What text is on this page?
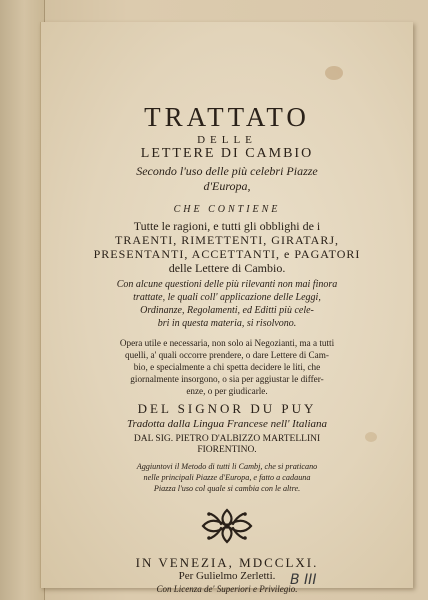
TRATTATO
DELLE
LETTERE DI CAMBIO
Secondo l'uso delle più celebri Piazze
d'Europa,
CHE CONTIENE
Tutte le ragioni, e tutti gli obblighi de i
TRAENTI, RIMETTENTI, GIRATARJ,
PRESENTANTI, ACCETTANTI, e PAGATORI
delle Lettere di Cambio.
Con alcune questioni delle più rilevanti non mai finora
trattate, le quali coll' applicazione delle Leggi,
Ordinanze, Regolamenti, ed Editti più cele-
bri in questa materia, si risolvono.
Opera utile e necessaria, non solo ai Negozianti, ma a tutti
quelli, a' quali occorre prendere, o dare Lettere di Cam-
bio, e specialmente a chi spetta decidere le liti, che
giornalmente insorgono, o sia per aggiustar le differ-
enze, o per giudicarle.
DEL SIGNOR DU PUY
Tradotta dalla Lingua Francese nell' Italiana
DAL SIG. PIETRO D'ALBIZZO MARTELLINI
FIORENTINO.
Aggiuntovi il Metodo di tutti li Cambj, che si praticano
nelle principali Piazze d'Europa, e fatto a cadauna
Piazza l'uso col quale si cambia con le altre.
IN VENEZIA, MDCCLXI.
Per Gulielmo Zerletti.
Con Licenza de' Superiori e Privilegio.
B III
